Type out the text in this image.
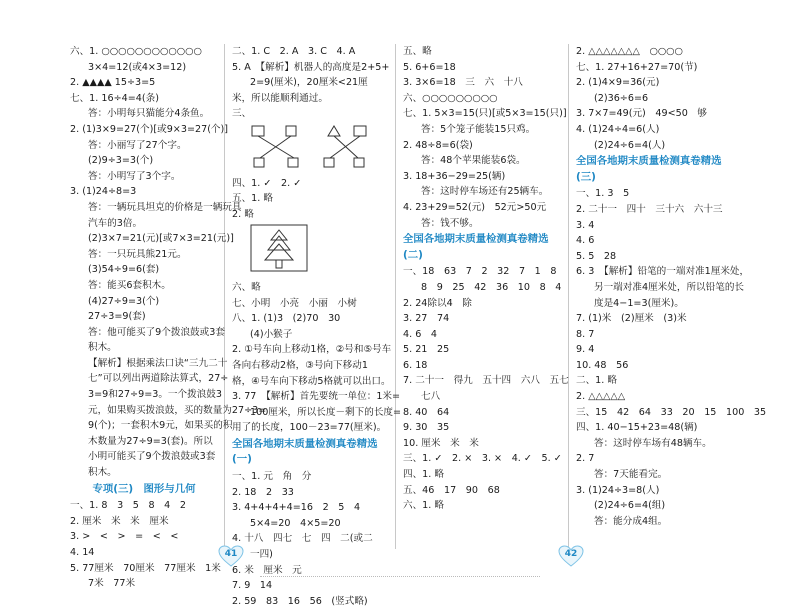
六、1. ○○○○○○○○○○○○
3×4=12(或4×3=12)
2. ▲▲▲▲ 15÷3=5
七、1. 16÷4=4(条)
答：小明每只猫能分4条鱼。
2. (1)3×9=27(个)[或9×3=27(个)]
答：小丽写了27个字。
(2)9÷3=3(个)
答：小明写了3个字。
3. (1)24÷8=3
答：一辆玩具坦克的价格是一辆玩具
汽车的3倍。
(2)3×7=21(元)[或7×3=21(元)]
答：一只玩具熊21元。
(3)54÷9=6(套)
答：能买6套积木。
(4)27÷9=3(个)
27÷3=9(套)
答：他可能买了9个拨浪鼓或3套
积木。
【解析】根据乘法口诀“三九二十
七”可以列出两道除法算式，27÷
3=9和27÷9=3。一个拨浪鼓3
元，如果购买拨浪鼓，买的数量为27÷3=
9(个)；一套积木9元，如果买的积
木数量为27÷9=3(套)。所以
小明可能买了9个拨浪鼓或3套
积木。
专项(三)　图形与几何
一、1. 8　3　5　8　4　2
2. 厘米　米　米　厘米
3. >　<　>　=　<　<
4. 14
5. 77厘米　70厘米　77厘米　1米
7米　77米
二、1. C　2. A　3. C　4. A
5. A　【解析】机器人的高度是2+5+
2=9(厘米)，20厘米<21厘
米，所以能顺利通过。
三、
四、1. ✓　2. ✓
五、1. 略
2. 略
六、略
七、小明　小亮　小丽　小树
八、1. (1)3　(2)70　30
(4)小猴子
2. ①号车向上移动1格，②号和⑤号车
各向右移动2格，③号向下移动1
格，④号车向下移动5格就可以出口。
3. 77　【解析】首先要统一单位：1米=
100厘米，所以长度－剩下的长度=
用了的长度，100－23=77(厘米)。
全国各地期末质量检测真卷精选(一)
一、1. 元　角　分
2. 18　2　33
3. 4+4+4+4=16　2　5　4
5×4=20　4×5=20
4. 十八　四七　七　四　二(或二
一四)
6. 米　厘米　元
7. 9　14
2. 59　83　16　56　(竖式略)
五、略
5. 6+6=18
3. 3×6=18　三　六　十八
六、○○○○○○○○○
七、1. 5×3=15(只)[或5×3=15(只)]
答：5个笼子能装15只鸡。
2. 48÷8=6(袋)
答：48个苹果能装6袋。
3. 18+36−29=25(辆)
答：这时停车场还有25辆车。
4. 23+29=52(元)　52元>50元
答：钱不够。
全国各地期末质量检测真卷精选(二)
一、18　63　7　2　32　7　1　8
8　9　25　42　36　10　8　4
2. 24除以4　除
3. 27　74
4. 6　4
5. 21　25
6. 18
7. 二十一　得九　五十四　六八　五七
七八
8. 40　64
9. 30　35
10. 厘米　米　米
三、1. ✓　2. ×　3. ×　4. ✓　5. ✓
四、1. 略
五、46　17　90　68
六、1. 略
2. △△△△△△△　○○○○
七、1. 27+16+27=70(节)
2. (1)4×9=36(元)
(2)36÷6=6
3. 7×7=49(元)　49<50　够
4. (1)24÷4=6(人)
(2)24÷6=4(人)
全国各地期末质量检测真卷精选(三)
一、1. 3　5
2. 二十一　四十　三十六　六十三
3. 4
4. 6
5. 5　28
6. 3　【解析】铅笔的一端对准1厘米处，
另一端对准4厘米处，所以铅笔的长
度是4−1=3(厘米)。
7. (1)米　(2)厘米　(3)米
8. 7
9. 4
10. 48　56
二、1. 略
2. △△△△△
三、15　42　64　33　20　15　100　35
四、1. 40−15+23=48(辆)
答：这时停车场有48辆车。
2. 7
答：7天能看完。
3. (1)24÷3=8(人)
(2)24÷6=4(组)
答：能分成4组。
41	42
